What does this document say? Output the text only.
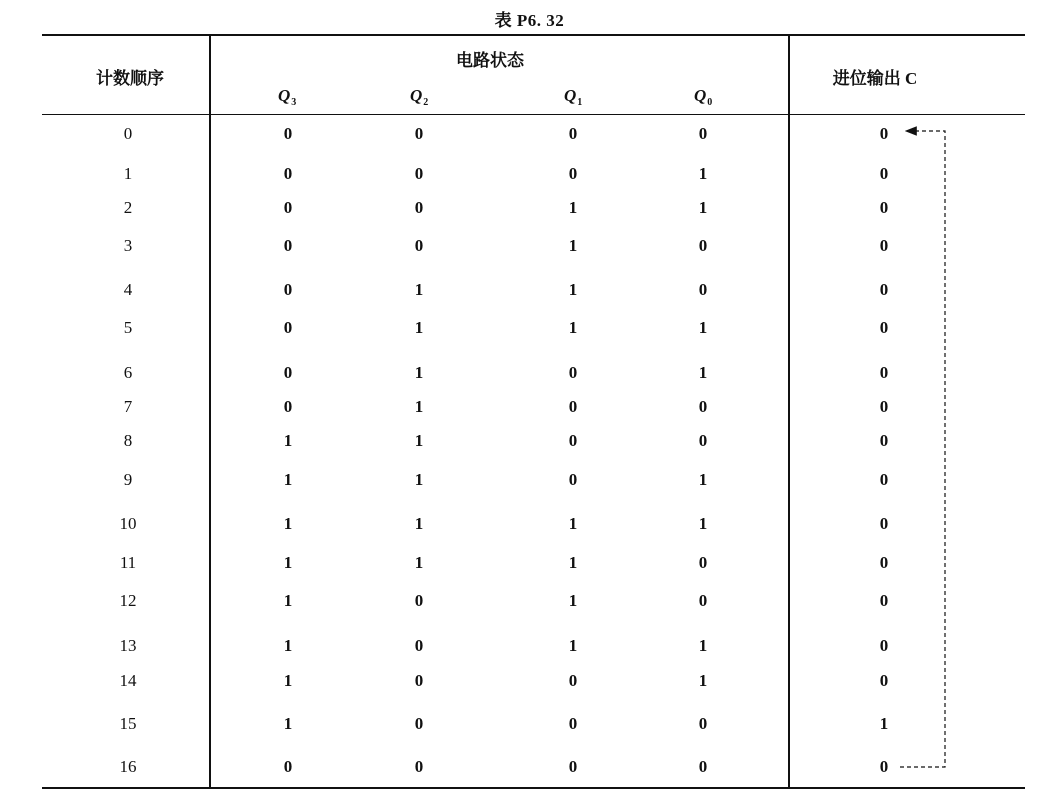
表 P6. 32
计数顺序
电路状态
进位输出 C
$Q_3$	$Q_2$	$Q_1$	$Q_0$
0	0	0	0	0	0
1	0	0	0	1	0
2	0	0	1	1	0
3	0	0	1	0	0
4	0	1	1	0	0
5	0	1	1	1	0
6	0	1	0	1	0
7	0	1	0	0	0
8	1	1	0	0	0
9	1	1	0	1	0
10	1	1	1	1	0
11	1	1	1	0	0
12	1	0	1	0	0
13	1	0	1	1	0
14	1	0	0	1	0
15	1	0	0	0	1
16	0	0	0	0	0
